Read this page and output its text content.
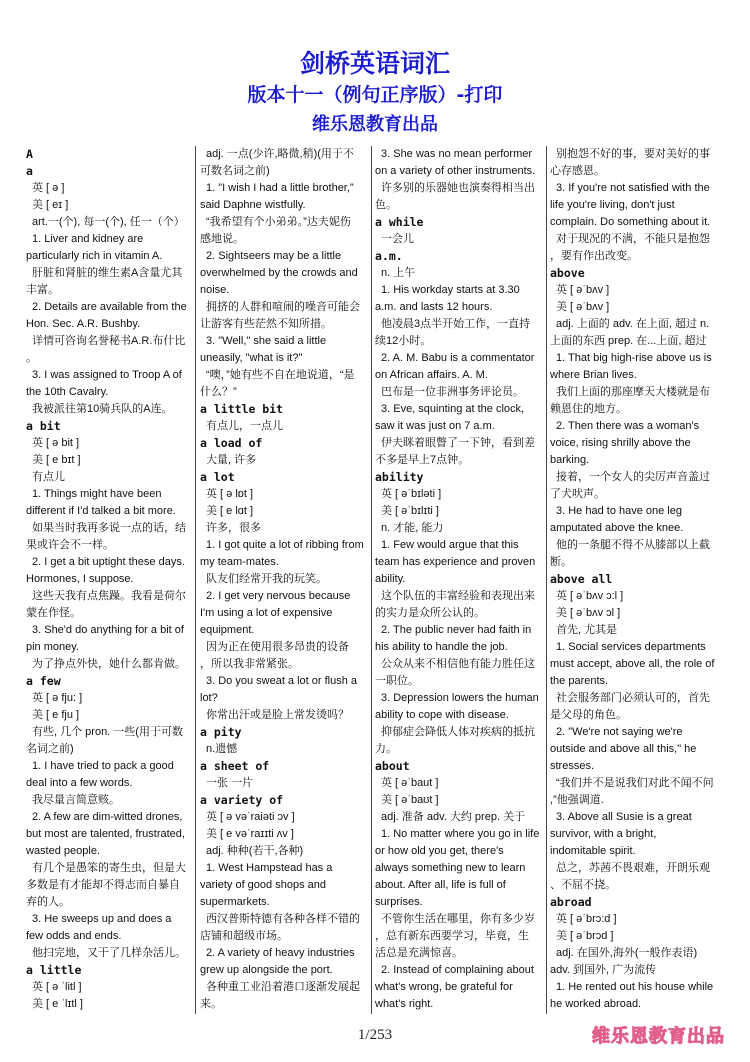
剑桥英语词汇
版本十一（例句正序版）-打印
维乐恩教育出品
A
a
英 [ ə ]
美 [ eɪ ]
art.一(个), 每一(个), 任一（个）
1. Liver and kidney are
particularly rich in vitamin A.
肝脏和肾脏的维生素A含量尤其
丰富。
2. Details are available from the
Hon. Sec. A.R. Bushby.
详情可咨询名誉秘书A.R.布什比
。
3. I was assigned to Troop A of
the 10th Cavalry.
我被派往第10骑兵队的A连。
a bit
英 [ ə bit ]
美 [ e bɪt ]
有点儿
1. Things might have been
different if I'd talked a bit more.
如果当时我再多说一点的话，结
果或许会不一样。
2. I get a bit uptight these days.
Hormones, I suppose.
这些天我有点焦躁。我看是荷尔
蒙在作怪。
3. She'd do anything for a bit of
pin money.
为了挣点外快，她什么都肯做。
a few
英 [ ə fju: ]
美 [ e fju ]
有些, 几个 pron. 一些(用于可数
名词之前)
1. I have tried to pack a good
deal into a few words.
我尽量言简意赅。
2. A few are dim-witted drones,
but most are talented, frustrated,
wasted people.
有几个是愚笨的寄生虫，但是大
多数是有才能却不得志而自暴自
弃的人。
3. He sweeps up and does a
few odds and ends.
他扫完地，又干了几样杂活儿。
a little
英 [ ə ˈlitl ]
美 [ e ˈlɪtl ]
adj. 一点(少许,略微,稍)(用于不
可数名词之前)
1. "I wish I had a little brother,"
said Daphne wistfully.
“我希望有个小弟弟。”达夫妮伤
感地说。
2. Sightseers may be a little
overwhelmed by the crowds and
noise.
拥挤的人群和喧闹的噪音可能会
让游客有些茫然不知所措。
3. "Well," she said a little
uneasily, "what is it?"
“噢，”她有些不自在地说道，“是
什么？”
a little bit
有点儿，一点儿
a load of
大量, 许多
a lot
英 [ ə lɒt ]
美 [ e lɑt ]
许多，很多
1. I got quite a lot of ribbing from
my team-mates.
队友们经常开我的玩笑。
2. I get very nervous because
I'm using a lot of expensive
equipment.
因为正在使用很多昂贵的设备
，所以我非常紧张。
3. Do you sweat a lot or flush a
lot?
你常出汗或是脸上常发烫吗？
a pity
n.遗憾
a sheet of
一张 一片
a variety of
英 [ ə vəˈraiəti ɔv ]
美 [ e vəˈraɪɪti ʌv ]
adj. 种种(若干,各种)
1. West Hampstead has a
variety of good shops and
supermarkets.
西汉普斯特德有各种各样不错的
店铺和超级市场。
2. A variety of heavy industries
grew up alongside the port.
各种重工业沿着港口逐渐发展起
来。
3. She was no mean performer
on a variety of other instruments.
许多别的乐器她也演奏得相当出
色。
a while
一会儿
a.m.
n. 上午
1. His workday starts at 3.30
a.m. and lasts 12 hours.
他凌晨3点半开始工作，一直持
续12小时。
2. A. M. Babu is a commentator
on African affairs. A. M.
巴布是一位非洲事务评论员。
3. Eve, squinting at the clock,
saw it was just on 7 a.m.
伊夫眯着眼瞥了一下钟，看到差
不多是早上7点钟。
ability
英 [ əˈbɪləti ]
美 [ əˈbɪlɪti ]
n. 才能, 能力
1. Few would argue that this
team has experience and proven
ability.
这个队伍的丰富经验和表现出来
的实力是众所公认的。
2. The public never had faith in
his ability to handle the job.
公众从来不相信他有能力胜任这
一职位。
3. Depression lowers the human
ability to cope with disease.
抑郁症会降低人体对疾病的抵抗
力。
about
英 [ əˈbaut ]
美 [ əˈbaʊt ]
adj. 准备 adv. 大约 prep. 关于
1. No matter where you go in life
or how old you get, there's
always something new to learn
about. After all, life is full of
surprises.
不管你生活在哪里，你有多少岁
，总有新东西要学习，毕竟，生
活总是充满惊喜。
2. Instead of complaining about
what's wrong, be grateful for
what's right.
别抱怨不好的事，要对美好的事
心存感恩。
3. If you're not satisfied with the
life you're living, don't just
complain. Do something about it.
对于现况的不满，不能只是抱怨
，要有作出改变。
above
英 [ əˈbʌv ]
美 [ əˈbʌv ]
adj. 上面的 adv. 在上面, 超过 n.
上面的东西 prep. 在...上面, 超过
1. That big high-rise above us is
where Brian lives.
我们上面的那座摩天大楼就是布
赖恩住的地方。
2. Then there was a woman's
voice, rising shrilly above the
barking.
接着，一个女人的尖厉声音盖过
了犬吠声。
3. He had to have one leg
amputated above the knee.
他的一条腿不得不从膝部以上截
断。
above all
英 [ əˈbʌv ɔ:l ]
美 [ əˈbʌv ɔl ]
首先, 尤其是
1. Social services departments
must accept, above all, the role of
the parents.
社会服务部门必须认可的，首先
是父母的角色。
2. "We're not saying we're
outside and above all this," he
stresses.
“我们并不是说我们对此不闻不问
,”他强调道.
3. Above all Susie is a great
survivor, with a bright,
indomitable spirit.
总之，苏茜不畏艰难，开朗乐观
、不屈不挠。
abroad
英 [ əˈbrɔ:d ]
美 [ əˈbrɔd ]
adj. 在国外,海外(一般作表语)
adv. 到国外, 广为流传
1. He rented out his house while
he worked abroad.
1/253	维乐恩教育出品
